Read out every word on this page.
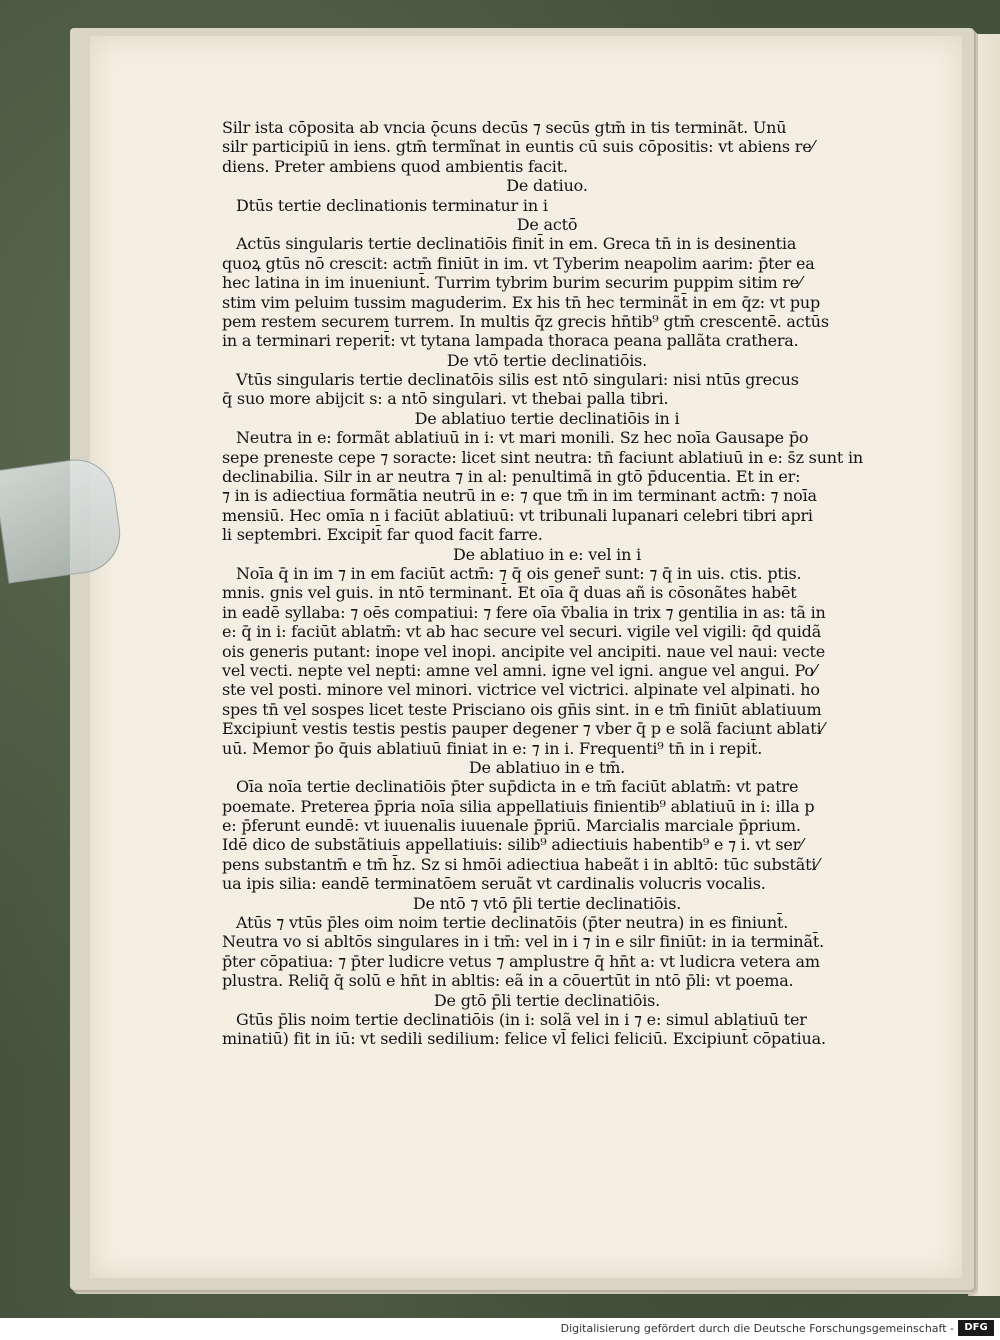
Silr ista cōposita ab vncia ǭcuns decūs ⁊ secūs gtm̄ in tis terminãt. Unū
silr participiū in iens. gtm̄ termĩnat in euntis cū suis cōpositis: vt abiens re⁄
diens. Preter ambiens quod ambientis facit.
De datiuo.
Dtūs tertie declinationis terminatur in i
De actō
Actūs singularis tertie declinatiōis finit̄ in em. Greca tn̄ in is desinentia
quoꝝ gtūs nō crescit: actm̄ finiūt in im. vt Tyberim neapolim aarim: p̄ter ea
hec latina in im inueniunt̄. Turrim tybrim burim securim puppim sitim re⁄
stim vim peluim tussim maguderim. Ex his tn̄ hec terminãt̄ in em q̄z: vt pup
pem restem securem turrem. In multis q̄z grecis hn̄tib⁹ gtm̄ crescentē. actūs
in a terminari reperit̄: vt tytana lampada thoraca peana pallãta crathera.
De vtō tertie declinatiōis.
Vtūs singularis tertie declinatōis silis est ntō singulari: nisi ntūs grecus
q̄ suo more abijcit s: a ntō singulari. vt thebai palla tibri.
De ablatiuo tertie declinatiōis in i
Neutra in e: formãt ablatiuū in i: vt mari monili. Sz hec noīa Gausape p̄o
sepe preneste cepe ⁊ soracte: licet sint neutra: tn̄ faciunt ablatiuū in e: s̄z sunt in
declinabilia. Silr in ar neutra ⁊ in al: penultimã in gtō p̄ducentia. Et in er:
⁊ in is adiectiua formãtia neutrū in e: ⁊ que tm̄ in im terminant actm̄: ⁊ noīa
mensiū. Hec omīa n i faciūt ablatiuū: vt tribunali lupanari celebri tibri apri
li septembri. Excipit̄ far quod facit farre.
De ablatiuo in e: vel in i
Noīa q̄ in im ⁊ in em faciūt actm̄: ⁊ q̄ ois gener̄ sunt: ⁊ q̄ in uis. ctis. ptis.
mnis. gnis vel guis. in ntō terminant̄. Et oīa q̄ duas añ is cōsonãtes habēt
in eadē syllaba: ⁊ oēs compatiui: ⁊ fere oīa v̄balia in trix ⁊ gentilia in as: tã in
e: q̄ in i: faciūt ablatm̄: vt ab hac secure vel securi. vigile vel vigili: q̄d quidã
ois generis putant: inope vel inopi. ancipite vel ancipiti. naue vel naui: vecte
vel vecti. nepte vel nepti: amne vel amni. igne vel igni. angue vel angui. Po⁄
ste vel posti. minore vel minori. victrice vel victrici. alpinate vel alpinati. ho
spes tn̄ vel sospes licet teste Prisciano ois gn̄is sint. in e tm̄ finiūt ablatiuum
Excipiunt̄ vestis testis pestis pauper degener ⁊ vber q̄ p e solã faciunt ablati⁄
uū. Memor p̄o q̄uis ablatiuū finiat in e: ⁊ in i. Frequenti⁹ tn̄ in i repit̄.
De ablatiuo in e tm̄.
Oīa noīa tertie declinatiōis p̄ter sup̄dicta in e tm̄ faciūt ablatm̄: vt patre
poemate. Preterea p̄pria noīa silia appellatiuis finientib⁹ ablatiuū in i: illa p
e: p̄ferunt eundē: vt iuuenalis iuuenale p̄priū. Marcialis marciale p̄prium.
Idē dico de substãtiuis appellatiuis: silib⁹ adiectiuis habentib⁹ e ⁊ i. vt ser⁄
pens substantm̄ e tm̄ h̄z. Sz si hmōi adiectiua habeãt i in abltō: tūc substãti⁄
ua ipis silia: eandē terminatōem seruãt vt cardinalis volucris vocalis.
De ntō ⁊ vtō p̄li tertie declinatiōis.
Atūs ⁊ vtūs p̄les oim noim tertie declinatōis (p̄ter neutra) in es finiunt̄.
Neutra vo si abltōs singulares in i tm̄: vel in i ⁊ in e silr finiūt: in ia terminãt̄.
p̄ter cōpatiua: ⁊ p̄ter ludicre vetus ⁊ amplustre q̄ hn̄t a: vt ludicra vetera am
plustra. Reliq̄ q̄ solū e hn̄t in abltis: eã in a cōuertūt in ntō p̄li: vt poema.
De gtō p̄li tertie declinatiōis.
Gtūs p̄lis noim tertie declinatiōis (in i: solã vel in i ⁊ e: simul ablatiuū ter
minatiū) fit in iū: vt sedili sedilium: felice vl̄ felici feliciū. Excipiunt̄ cōpatiua.
Digitalisierung gefördert durch die Deutsche Forschungsgemeinschaft -	DFG
